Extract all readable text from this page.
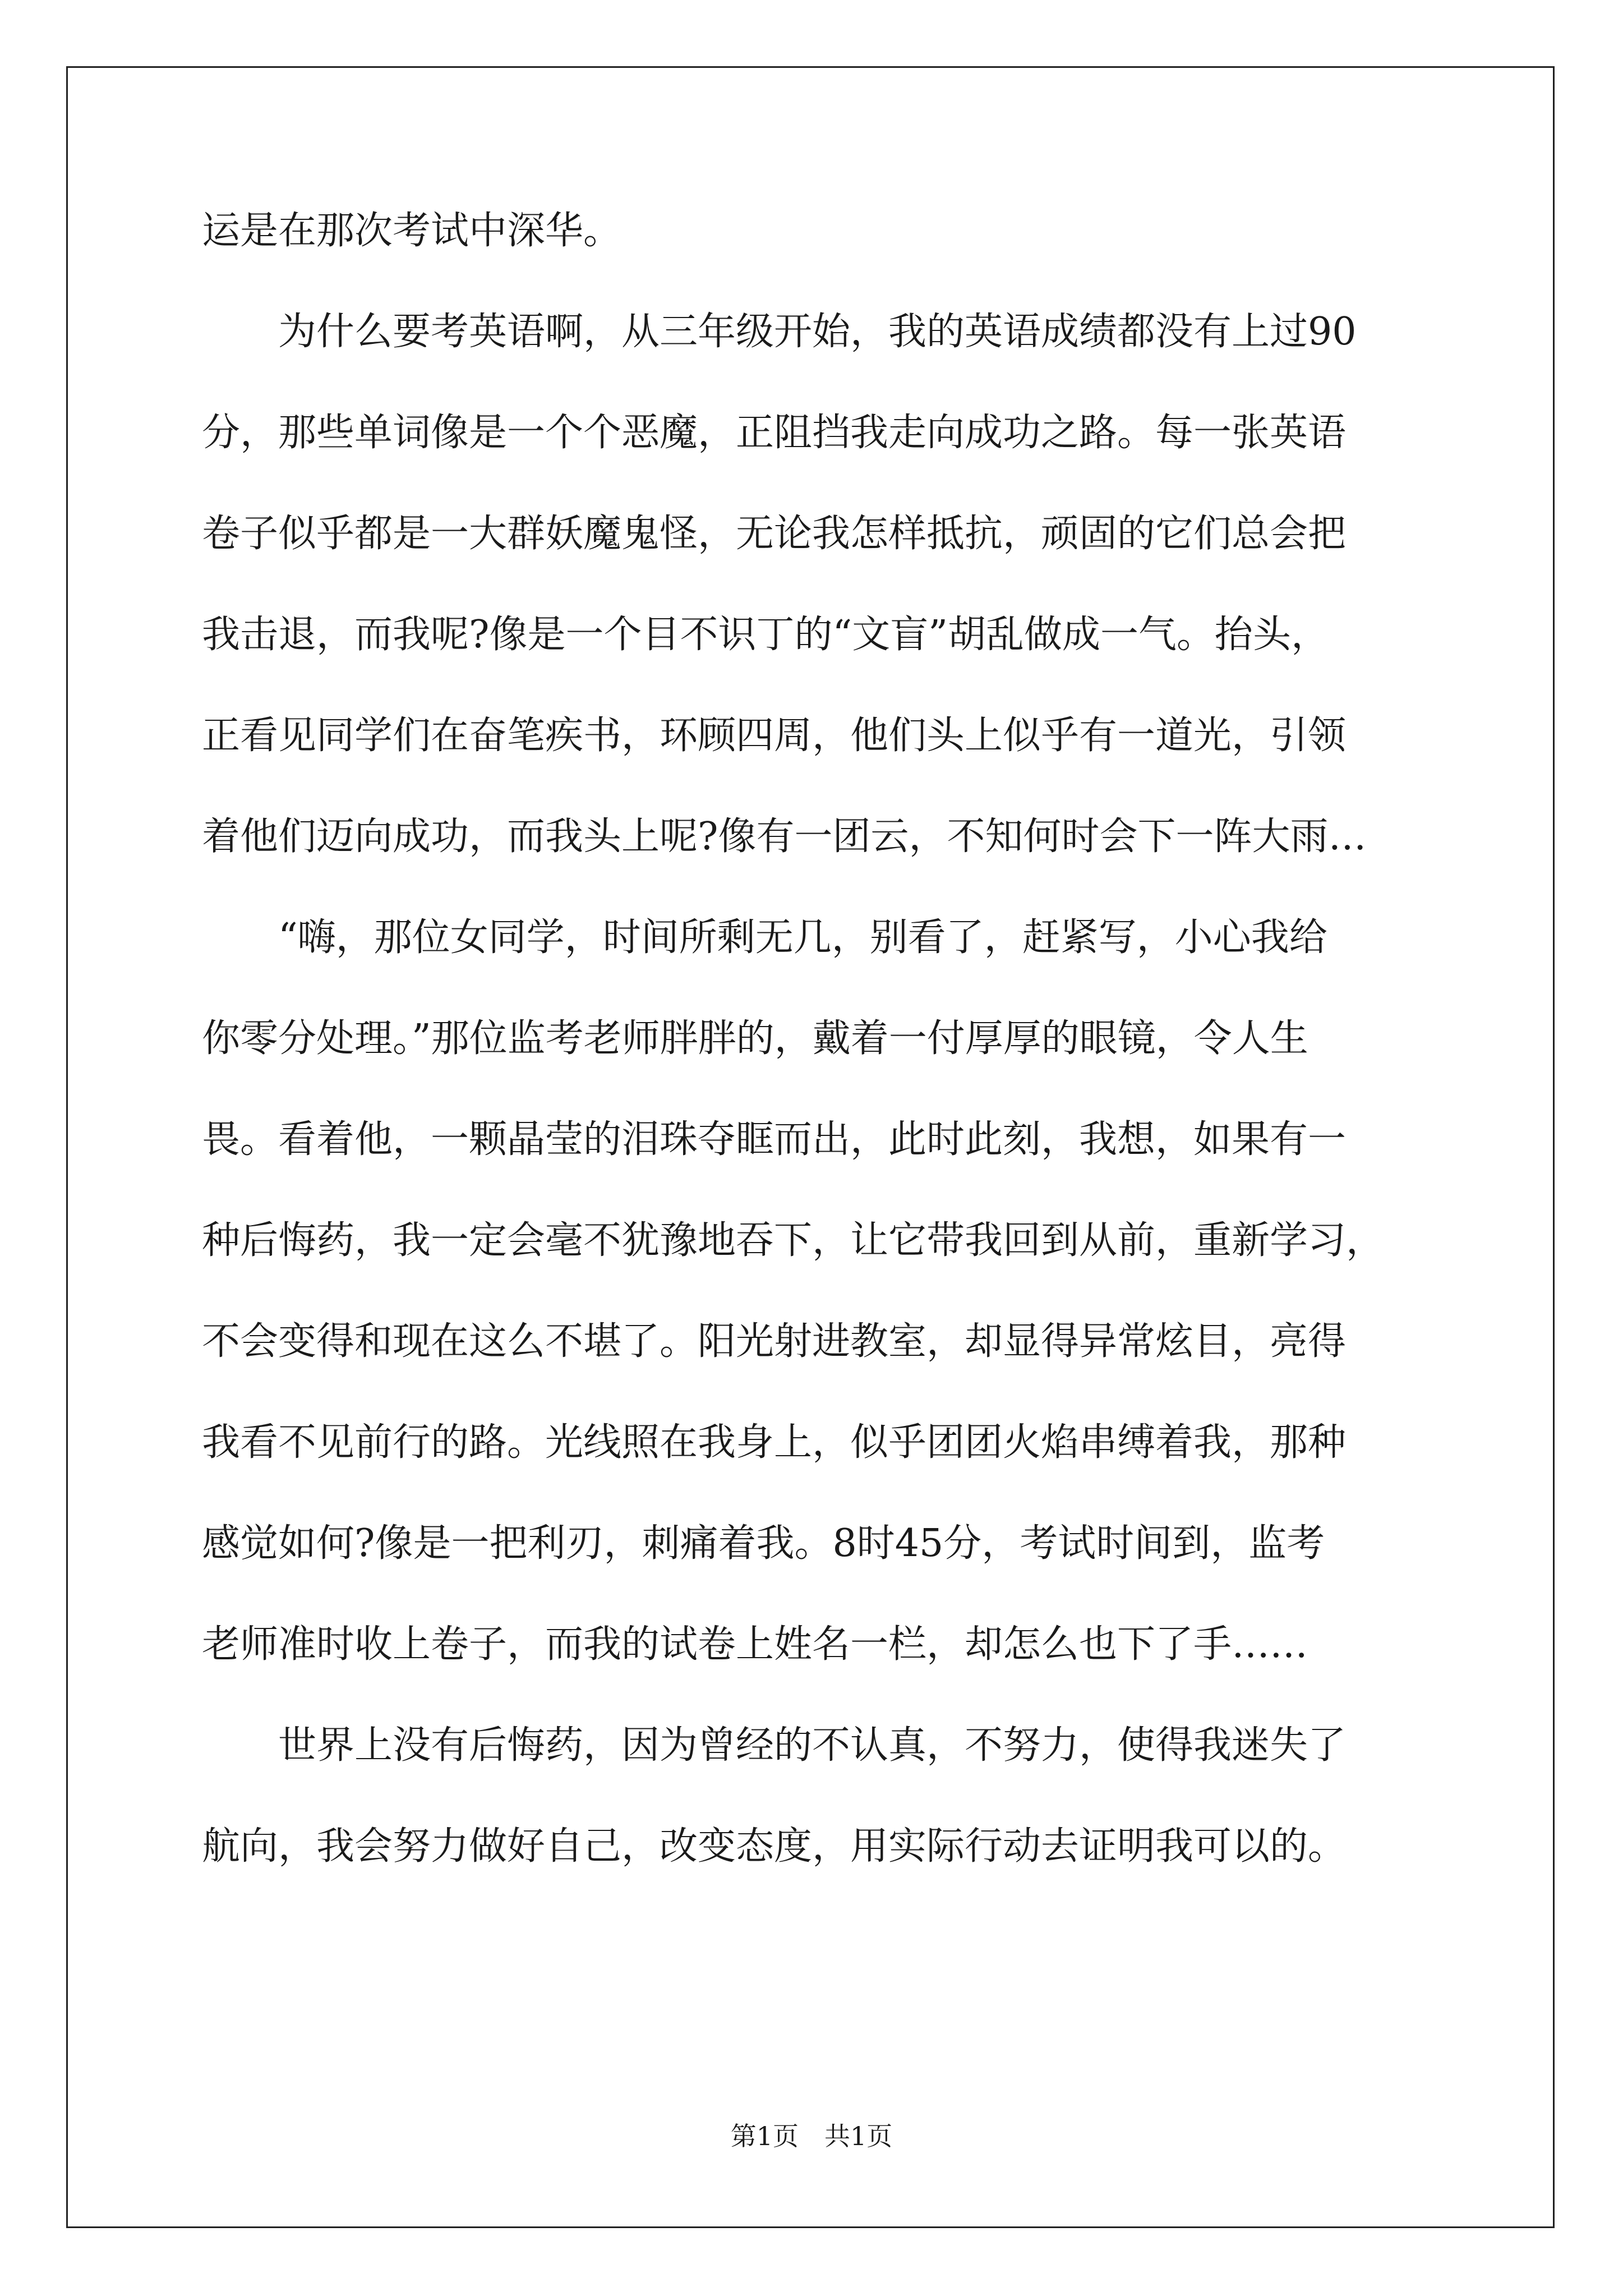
运是在那次考试中深华。
为什么要考英语啊，从三年级开始，我的英语成绩都没有上过90
分，那些单词像是一个个恶魔，正阻挡我走向成功之路。每一张英语
卷子似乎都是一大群妖魔鬼怪，无论我怎样抵抗，顽固的它们总会把
我击退，而我呢?像是一个目不识丁的“文盲”胡乱做成一气。抬头，
正看见同学们在奋笔疾书，环顾四周，他们头上似乎有一道光，引领
着他们迈向成功，而我头上呢?像有一团云，不知何时会下一阵大雨…
“嗨，那位女同学，时间所剩无几，别看了，赶紧写，小心我给
你零分处理。”那位监考老师胖胖的，戴着一付厚厚的眼镜，令人生
畏。看着他，一颗晶莹的泪珠夺眶而出，此时此刻，我想，如果有一
种后悔药，我一定会毫不犹豫地吞下，让它带我回到从前，重新学习，
不会变得和现在这么不堪了。阳光射进教室，却显得异常炫目，亮得
我看不见前行的路。光线照在我身上，似乎团团火焰串缚着我，那种
感觉如何?像是一把利刃，刺痛着我。8时45分，考试时间到，监考
老师准时收上卷子，而我的试卷上姓名一栏，却怎么也下了手……
世界上没有后悔药，因为曾经的不认真，不努力，使得我迷失了
航向，我会努力做好自己，改变态度，用实际行动去证明我可以的。
第1页　共1页
